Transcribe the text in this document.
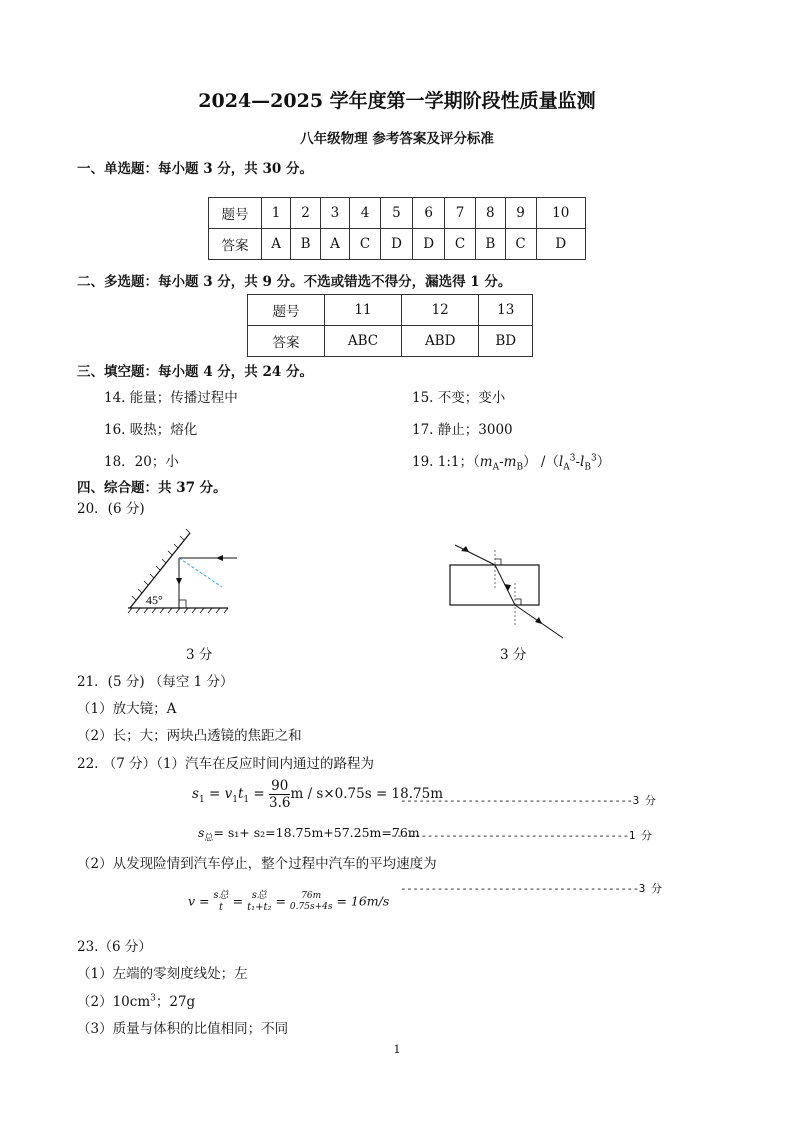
2024—2025 学年度第一学期阶段性质量监测
八年级物理 参考答案及评分标准
一、单选题：每小题 3 分，共 30 分。
题号	1	2	3	4	5	6	7	8	9	10
答案	A	B	A	C	D	D	C	B	C	D
二、多选题：每小题 3 分，共 9 分。不选或错选不得分，漏选得 1 分。
题号	11	12	13
答案	ABC	ABD	BD
三、填空题：每小题 4 分，共 24 分。
14. 能量；传播过程中	15. 不变；变小
16. 吸热；熔化	17. 静止；3000
18．20；小	19. 1:1；$(m_A-m_B)$ $/(l_A^3-l_B^3)$
四、综合题：共 37 分。
20．(6 分)
45°
3 分	3 分
21．(5 分) （每空 1 分）
（1）放大镜；A
（2）长；大；两块凸透镜的焦距之和
22. （7 分）（1）汽车在反应时间内通过的路程为
$s_1 = v_1t_1 = \frac{90}{3.6}$ m / s×0.75s = 18.75m
--------------------------------------3 分
$s_总= s_1+ s_2=18.75m+57.25m=76m$
---------------------------------------1 分
（2）从发现险情到汽车停止，整个过程中汽车的平均速度为
v = s总
t = s总
t₁+t₂ = 76m
0.75s+4s = 16m/s
---------------------------------------3 分
23.（6 分）
（1）左端的零刻度线处；左
$(2)10cm^3$；27g
（3）质量与体积的比值相同；不同
1
